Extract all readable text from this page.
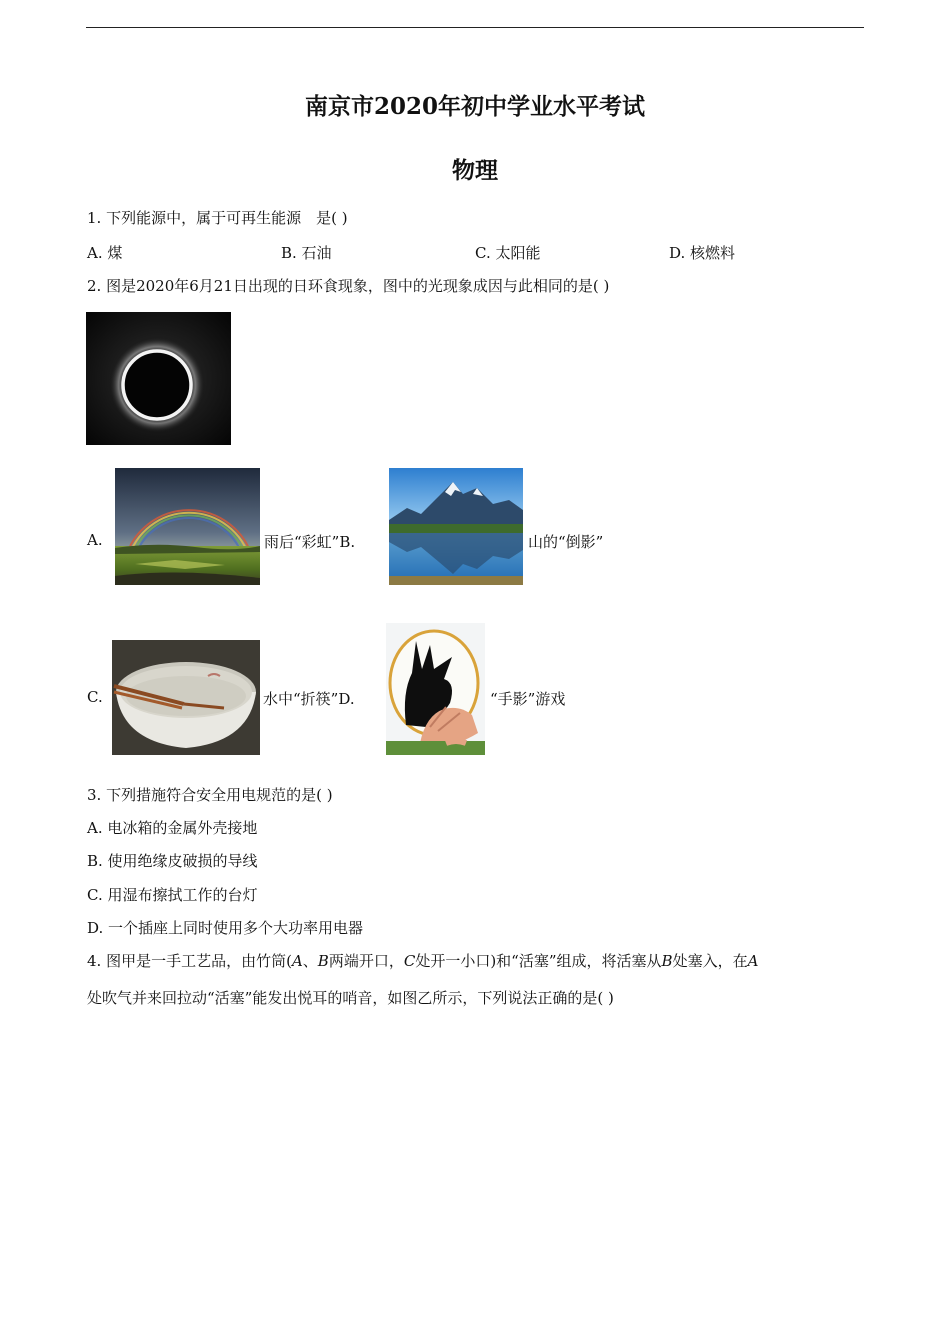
南京市2020年初中学业水平考试
物理
1. 下列能源中，属于可再生能源　是( )
A. 煤	B. 石油	C. 太阳能	D. 核燃料
2. 图是2020年6月21日出现的日环食现象，图中的光现象成因与此相同的是( )
A.	雨后“彩虹”B.	山的“倒影”
C.	水中“折筷”D.	“手影”游戏
3. 下列措施符合安全用电规范的是( )
A. 电冰箱的金属外壳接地
B. 使用绝缘皮破损的导线
C. 用湿布擦拭工作的台灯
D. 一个插座上同时使用多个大功率用电器
4. 图甲是一手工艺品，由竹筒(A、B两端开口，C处开一小口)和“活塞”组成，将活塞从B处塞入，在A
处吹气并来回拉动“活塞”能发出悦耳的哨音，如图乙所示，下列说法正确的是( )
